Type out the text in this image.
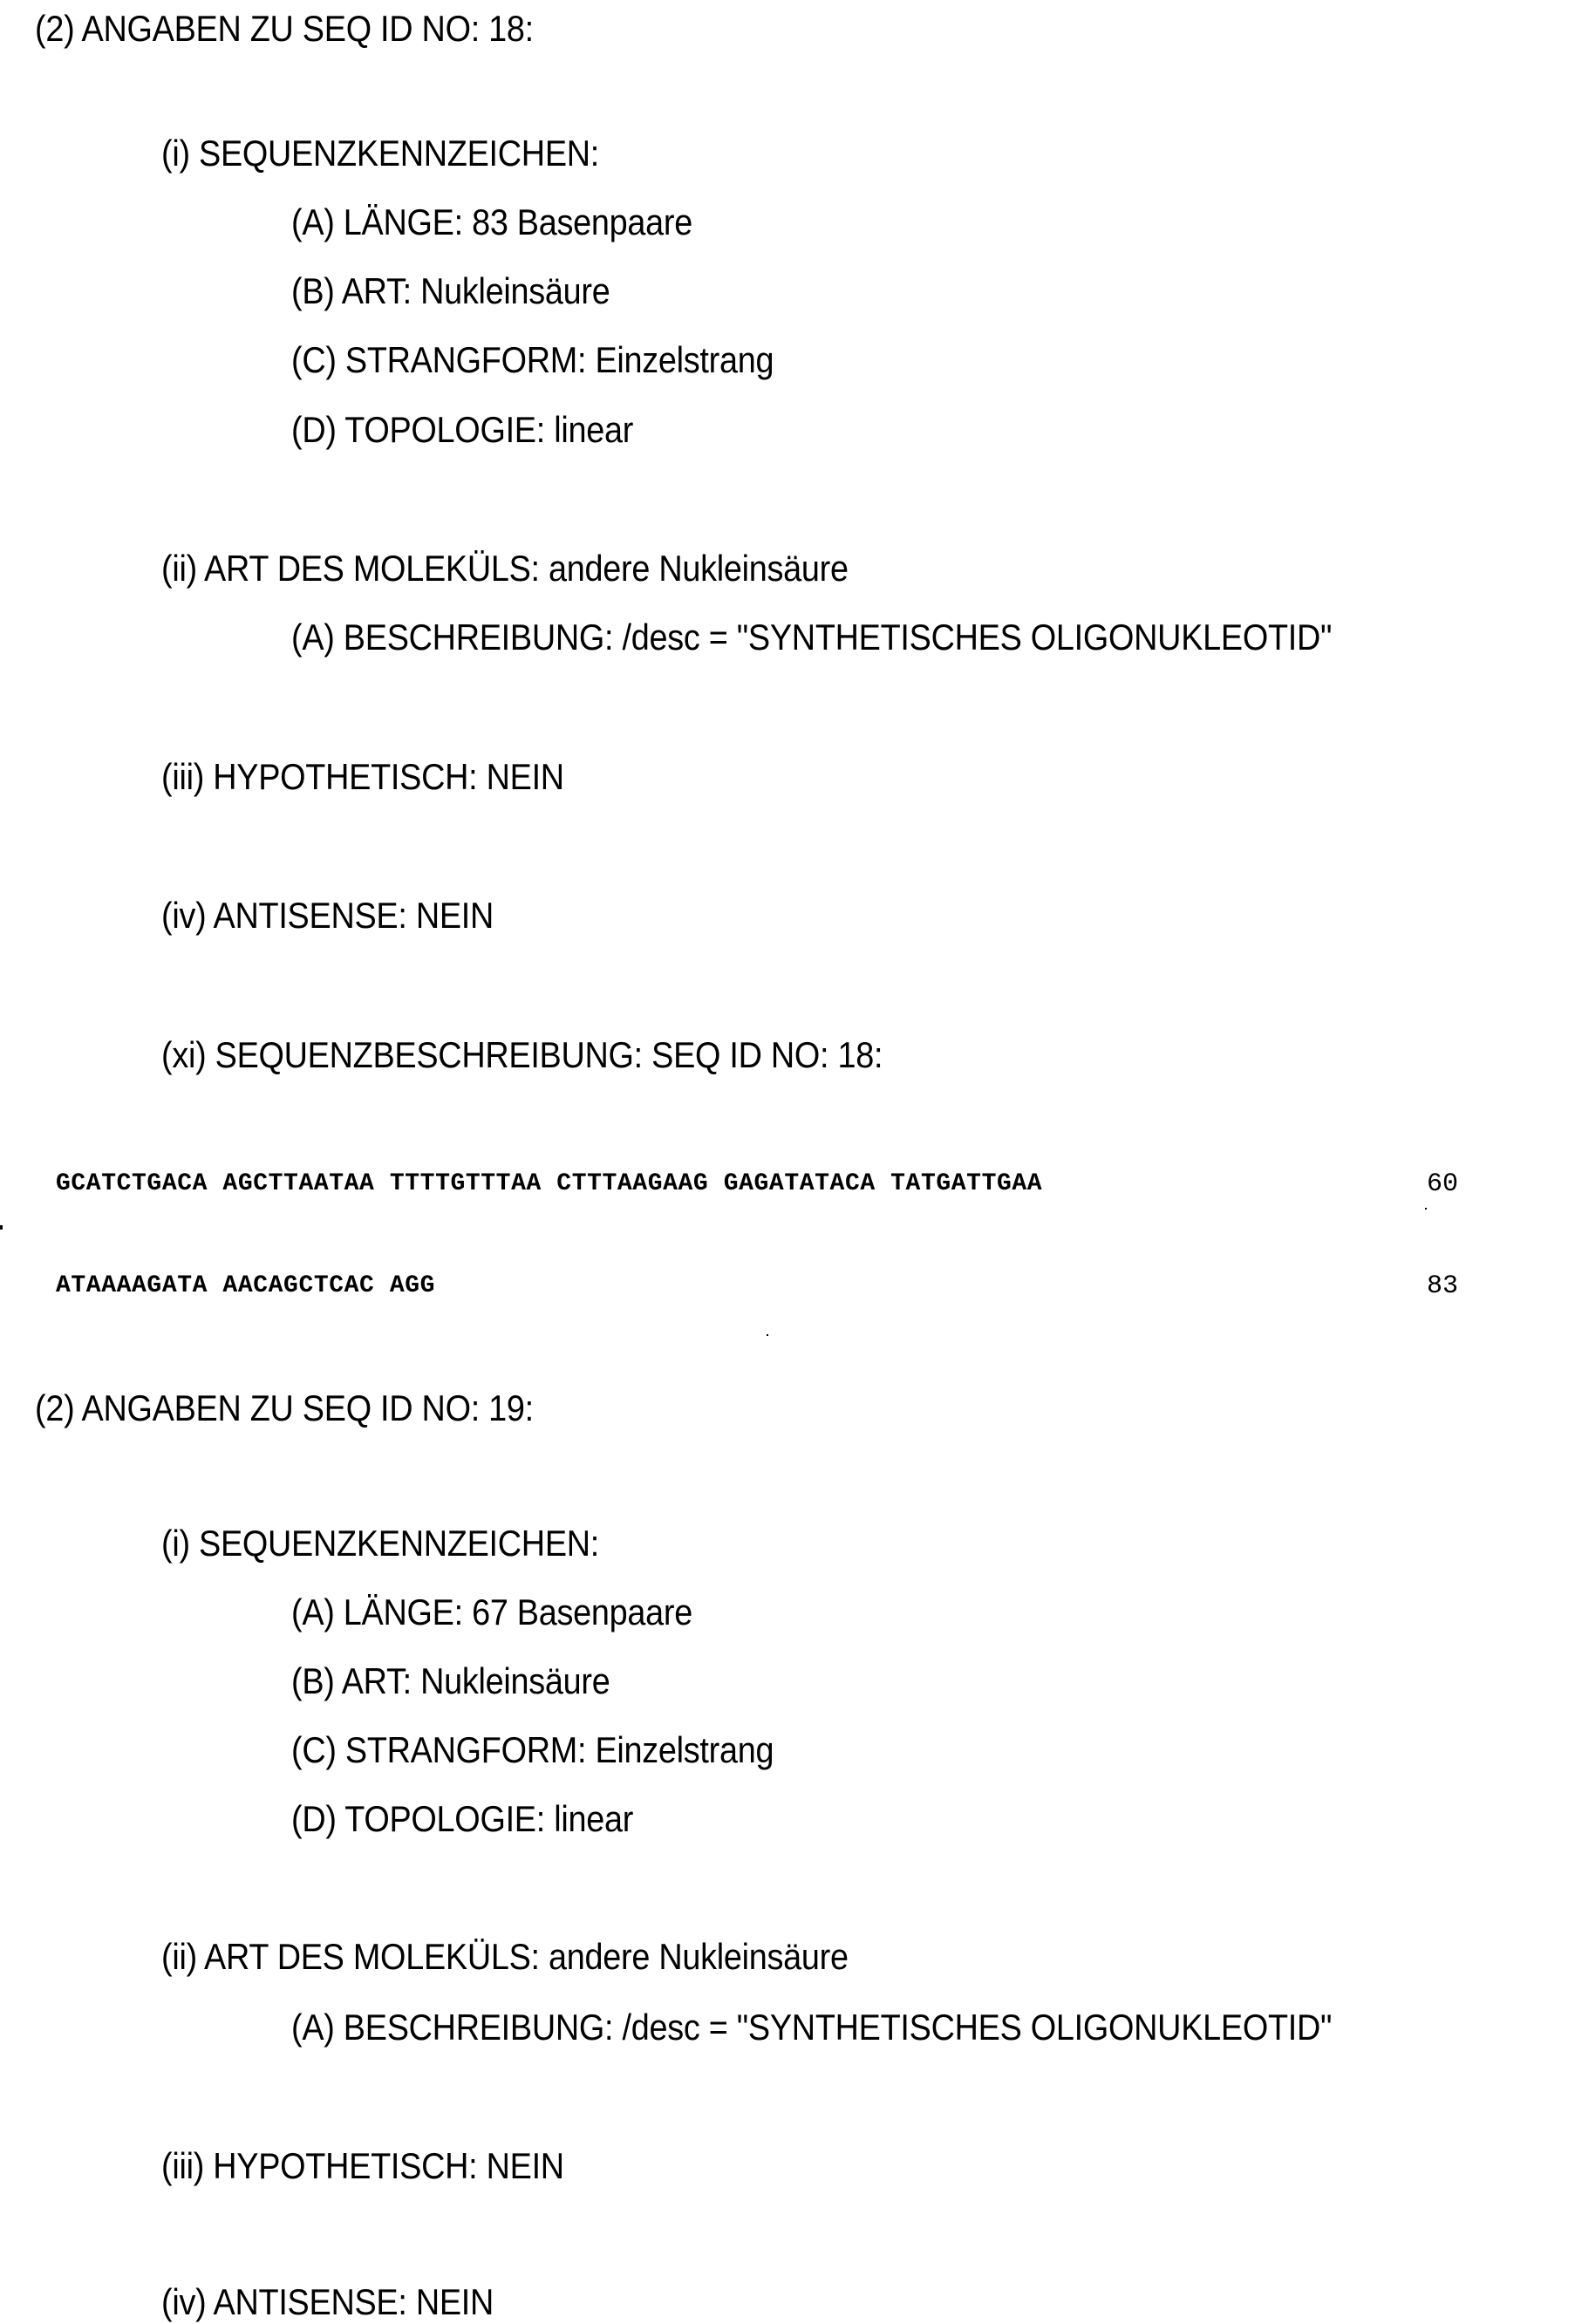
(2) ANGABEN ZU SEQ ID NO: 18:
(i) SEQUENZKENNZEICHEN:
(A) LÄNGE: 83 Basenpaare
(B) ART: Nukleinsäure
(C) STRANGFORM: Einzelstrang
(D) TOPOLOGIE: linear
(ii) ART DES MOLEKÜLS: andere Nukleinsäure
(A) BESCHREIBUNG: /desc = "SYNTHETISCHES OLIGONUKLEOTID"
(iii) HYPOTHETISCH: NEIN
(iv) ANTISENSE: NEIN
(xi) SEQUENZBESCHREIBUNG: SEQ ID NO: 18:
GCATCTGACA AGCTTAATAA TTTTGTTTAA CTTTAAGAAG GAGATATACA TATGATTGAA	60
ATAAAAGATA AACAGCTCAC AGG	83
(2) ANGABEN ZU SEQ ID NO: 19:
(i) SEQUENZKENNZEICHEN:
(A) LÄNGE: 67 Basenpaare
(B) ART: Nukleinsäure
(C) STRANGFORM: Einzelstrang
(D) TOPOLOGIE: linear
(ii) ART DES MOLEKÜLS: andere Nukleinsäure
(A) BESCHREIBUNG: /desc = "SYNTHETISCHES OLIGONUKLEOTID"
(iii) HYPOTHETISCH: NEIN
(iv) ANTISENSE: NEIN
